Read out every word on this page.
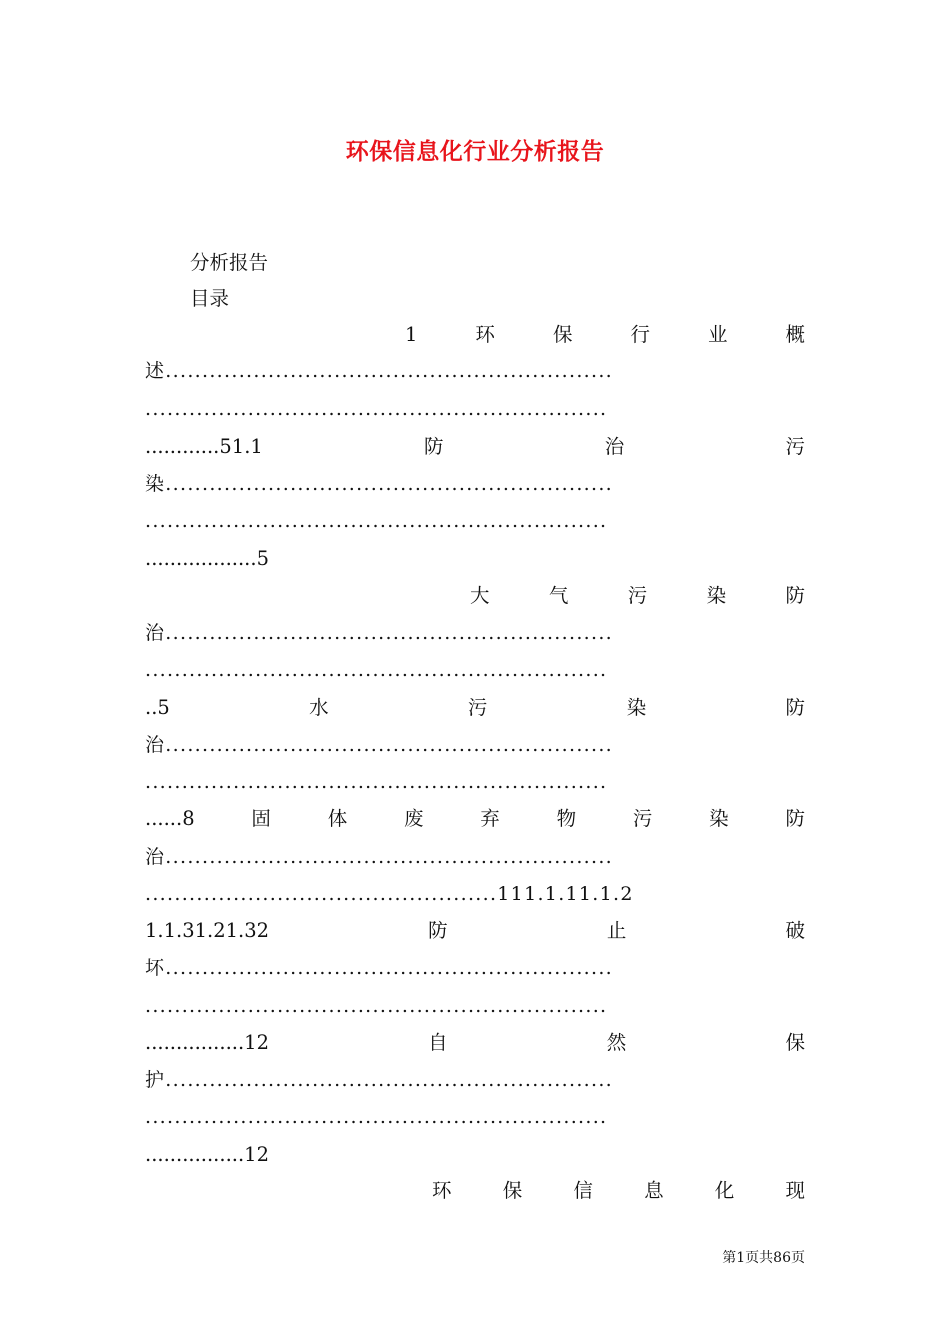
环保信息化行业分析报告
分析报告
目录
1	环	保	行	业	概
述.............................................................
...............................................................
............51.1	防	治	污
染.............................................................
...............................................................
..................5
大	气	污	染	防
治.............................................................
...............................................................
..5	水	污	染	防
治.............................................................
...............................................................
......8	固	体	废	弃	物	污	染	防
治.............................................................
................................................111.1.11.1.2
1.1.31.21.32	防	止	破
坏.............................................................
...............................................................
................12	自	然	保
护.............................................................
...............................................................
................12
环	保	信	息	化	现
第1页共86页
